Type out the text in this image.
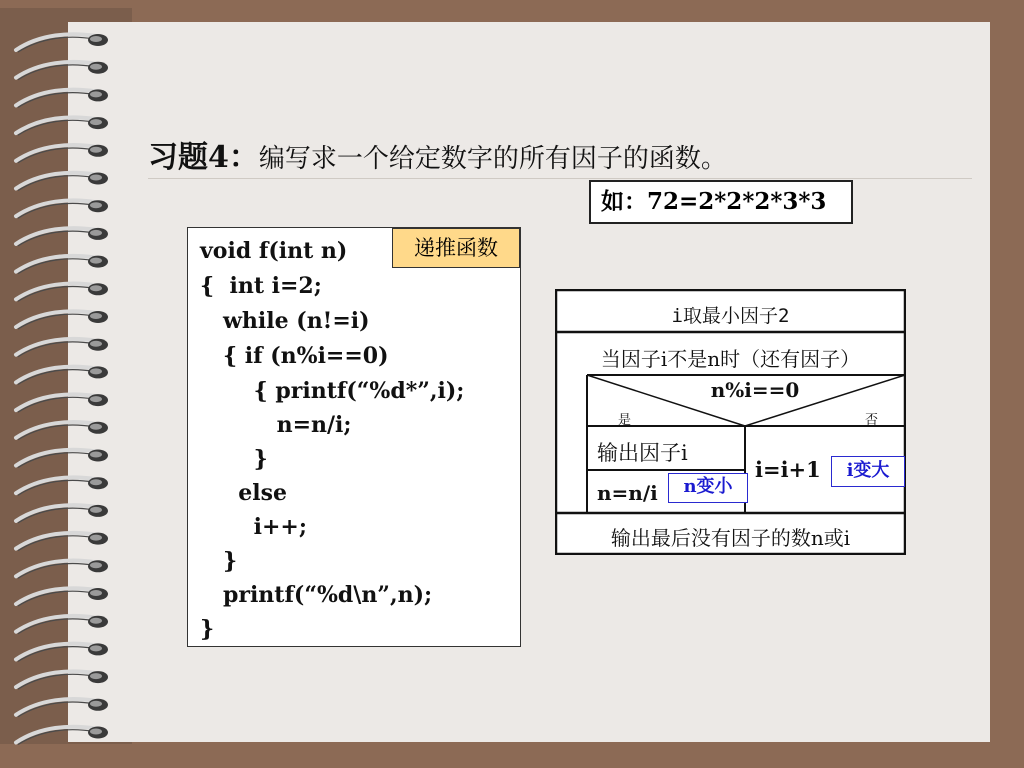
习题4：编写求一个给定数字的所有因子的函数。
如：72=2*2*2*3*3
void f(int n)
{  int i=2;
while (n!=i)
{ if (n%i==0)
{ printf(“%d*”,i);
n=n/i;
}
else
i++;
}
printf(“%d\n”,n);
}
递推函数
i取最小因子2
当因子i不是n时（还有因子）
n%i==0
是	否
输出因子i
n=n/i	n变小
i=i+1	i变大
输出最后没有因子的数n或i
